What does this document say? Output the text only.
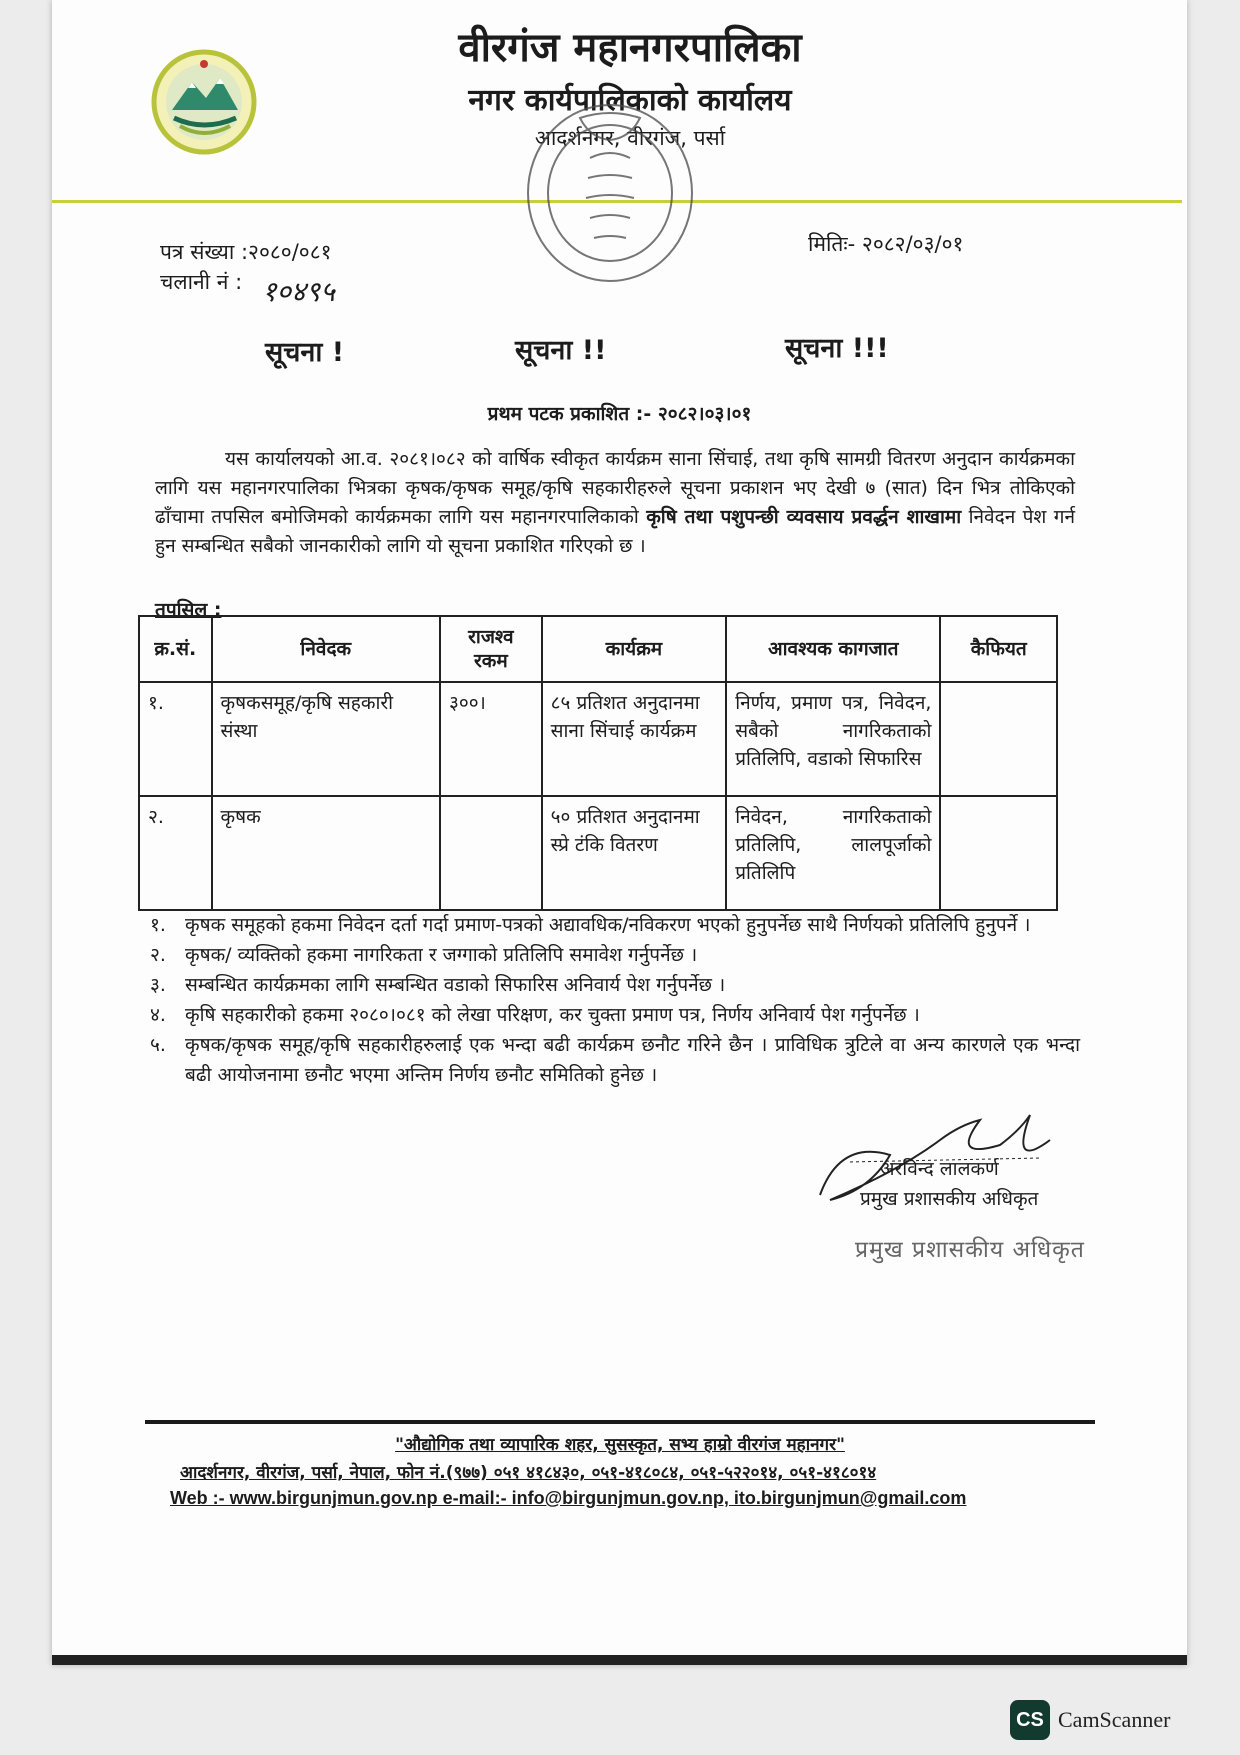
वीरगंज महानगरपालिका
नगर कार्यपालिकाको कार्यालय
आदर्शनगर, वीरगंज, पर्सा
पत्र संख्या :२०८०/०८१
चलानी नं : १०४९५
मितिः- २०८२/०३/०१
सूचना !	सूचना !!	सूचना !!!
प्रथम पटक प्रकाशित :- २०८२।०३।०१
यस कार्यालयको आ.व. २०८१।०८२ को वार्षिक स्वीकृत कार्यक्रम साना सिंचाई, तथा कृषि सामग्री वितरण अनुदान कार्यक्रमका लागि यस महानगरपालिका भित्रका कृषक/कृषक समूह/कृषि सहकारीहरुले सूचना प्रकाशन भए देखी ७ (सात) दिन भित्र तोकिएको ढाँचामा तपसिल बमोजिमको कार्यक्रमका लागि यस महानगरपालिकाको कृषि तथा पशुपन्छी व्यवसाय प्रवर्द्धन शाखामा निवेदन पेश गर्न हुन सम्बन्धित सबैको जानकारीको लागि यो सूचना प्रकाशित गरिएको छ ।
तपसिल :
क्र.सं.	निवेदक	राजश्व रकम	कार्यक्रम	आवश्यक कागजात	कैफियत
१.	कृषकसमूह/कृषि सहकारी संस्था	३००।	८५ प्रतिशत अनुदानमा साना सिंचाई कार्यक्रम	निर्णय, प्रमाण पत्र, निवेदन, सबैको नागरिकताको प्रतिलिपि, वडाको सिफारिस	
२.	कृषक		५० प्रतिशत अनुदानमा स्प्रे टंकि वितरण	निवेदन, नागरिकताको प्रतिलिपि, लालपूर्जाको प्रतिलिपि	
१.	कृषक समूहको हकमा निवेदन दर्ता गर्दा प्रमाण-पत्रको अद्यावधिक/नविकरण भएको हुनुपर्नेछ साथै निर्णयको प्रतिलिपि हुनुपर्ने ।
२.	कृषक/ व्यक्तिको हकमा नागरिकता र जग्गाको प्रतिलिपि समावेश गर्नुपर्नेछ ।
३.	सम्बन्धित कार्यक्रमका लागि सम्बन्धित वडाको सिफारिस अनिवार्य पेश गर्नुपर्नेछ ।
४.	कृषि सहकारीको हकमा २०८०।०८१ को लेखा परिक्षण, कर चुक्ता प्रमाण पत्र, निर्णय अनिवार्य पेश गर्नुपर्नेछ ।
५.	कृषक/कृषक समूह/कृषि सहकारीहरुलाई एक भन्दा बढी कार्यक्रम छनौट गरिने छैन । प्राविधिक त्रुटिले वा अन्य कारणले एक भन्दा बढी आयोजनामा छनौट भएमा अन्तिम निर्णय छनौट समितिको हुनेछ ।
अरविन्द लालकर्ण
प्रमुख प्रशासकीय अधिकृत
प्रमुख प्रशासकीय अधिकृत
"औद्योगिक तथा व्यापारिक शहर, सुसस्कृत, सभ्य हाम्रो वीरगंज महानगर"
आदर्शनगर, वीरगंज, पर्सा, नेपाल, फोन नं.(९७७) ०५१ ४१८४३०, ०५१-४१८०८४, ०५१-५२२०१४, ०५१-४१८०१४
Web :- www.birgunjmun.gov.np e-mail:- info@birgunjmun.gov.np, ito.birgunjmun@gmail.com
CS CamScanner
